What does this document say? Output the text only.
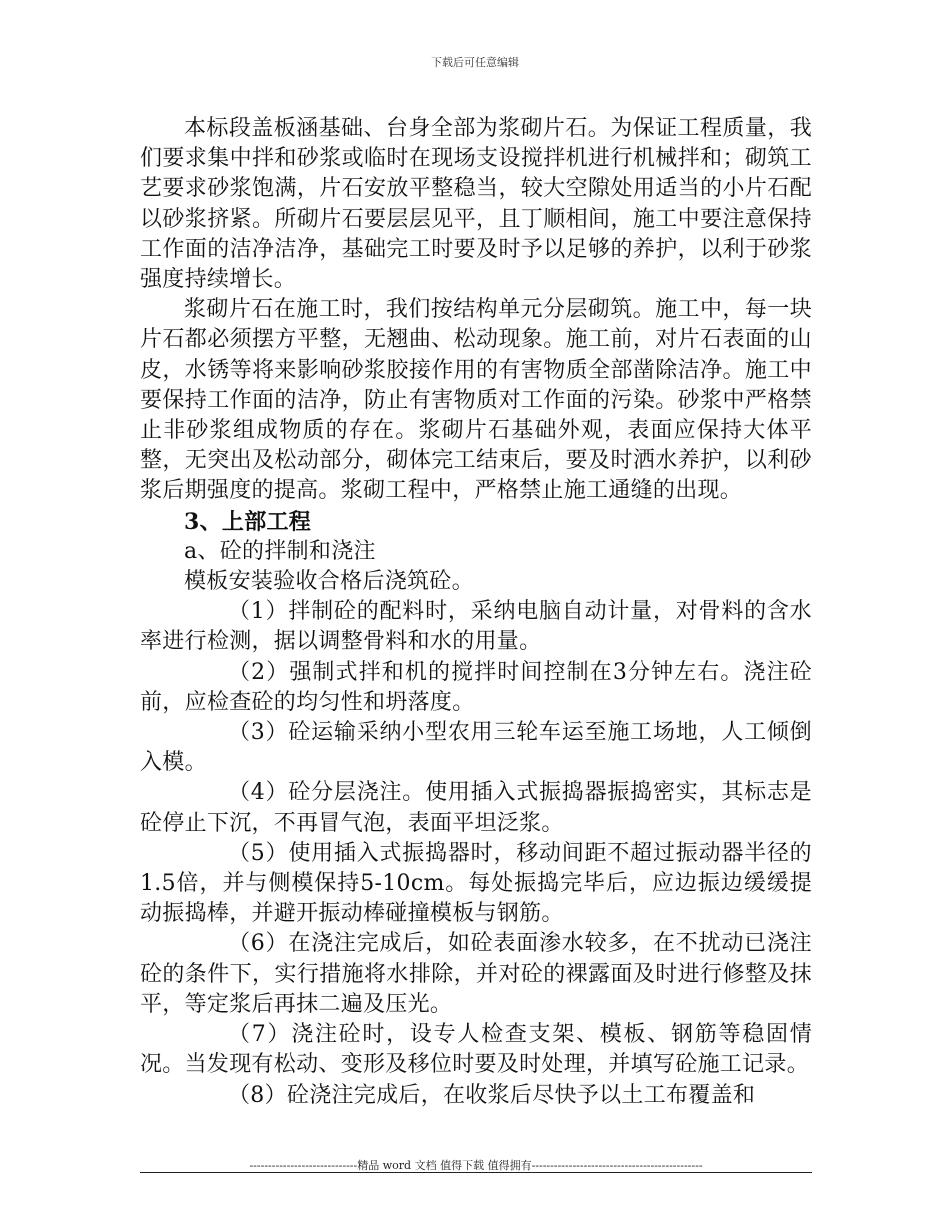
下载后可任意编辑

本标段盖板涵基础、台身全部为浆砌片石。为保证工程质量，我们要求集中拌和砂浆或临时在现场支设搅拌机进行机械拌和；砌筑工艺要求砂浆饱满，片石安放平整稳当，较大空隙处用适当的小片石配以砂浆挤紧。所砌片石要层层见平，且丁顺相间，施工中要注意保持工作面的洁净洁净，基础完工时要及时予以足够的养护，以利于砂浆强度持续增长。

浆砌片石在施工时，我们按结构单元分层砌筑。施工中，每一块片石都必须摆方平整，无翘曲、松动现象。施工前，对片石表面的山皮，水锈等将来影响砂浆胶接作用的有害物质全部凿除洁净。施工中要保持工作面的洁净，防止有害物质对工作面的污染。砂浆中严格禁止非砂浆组成物质的存在。浆砌片石基础外观，表面应保持大体平整，无突出及松动部分，砌体完工结束后，要及时洒水养护，以利砂浆后期强度的提高。浆砌工程中，严格禁止施工通缝的出现。

3、上部工程

a、砼的拌制和浇注

模板安装验收合格后浇筑砼。

（1）拌制砼的配料时，采纳电脑自动计量，对骨料的含水率进行检测，据以调整骨料和水的用量。

（2）强制式拌和机的搅拌时间控制在3分钟左右。浇注砼前，应检查砼的均匀性和坍落度。

（3）砼运输采纳小型农用三轮车运至施工场地，人工倾倒入模。

（4）砼分层浇注。使用插入式振捣器振捣密实，其标志是砼停止下沉，不再冒气泡，表面平坦泛浆。

（5）使用插入式振捣器时，移动间距不超过振动器半径的1.5倍，并与侧模保持5-10cm。每处振捣完毕后，应边振边缓缓提动振捣棒，并避开振动棒碰撞模板与钢筋。

（6）在浇注完成后，如砼表面渗水较多，在不扰动已浇注砼的条件下，实行措施将水排除，并对砼的裸露面及时进行修整及抹平，等定浆后再抹二遍及压光。

（7）浇注砼时，设专人检查支架、模板、钢筋等稳固情况。当发现有松动、变形及移位时要及时处理，并填写砼施工记录。

（8）砼浇注完成后，在收浆后尽快予以土工布覆盖和

-----------------------------精品 word 文档 值得下载 值得拥有----------------------------------------------
